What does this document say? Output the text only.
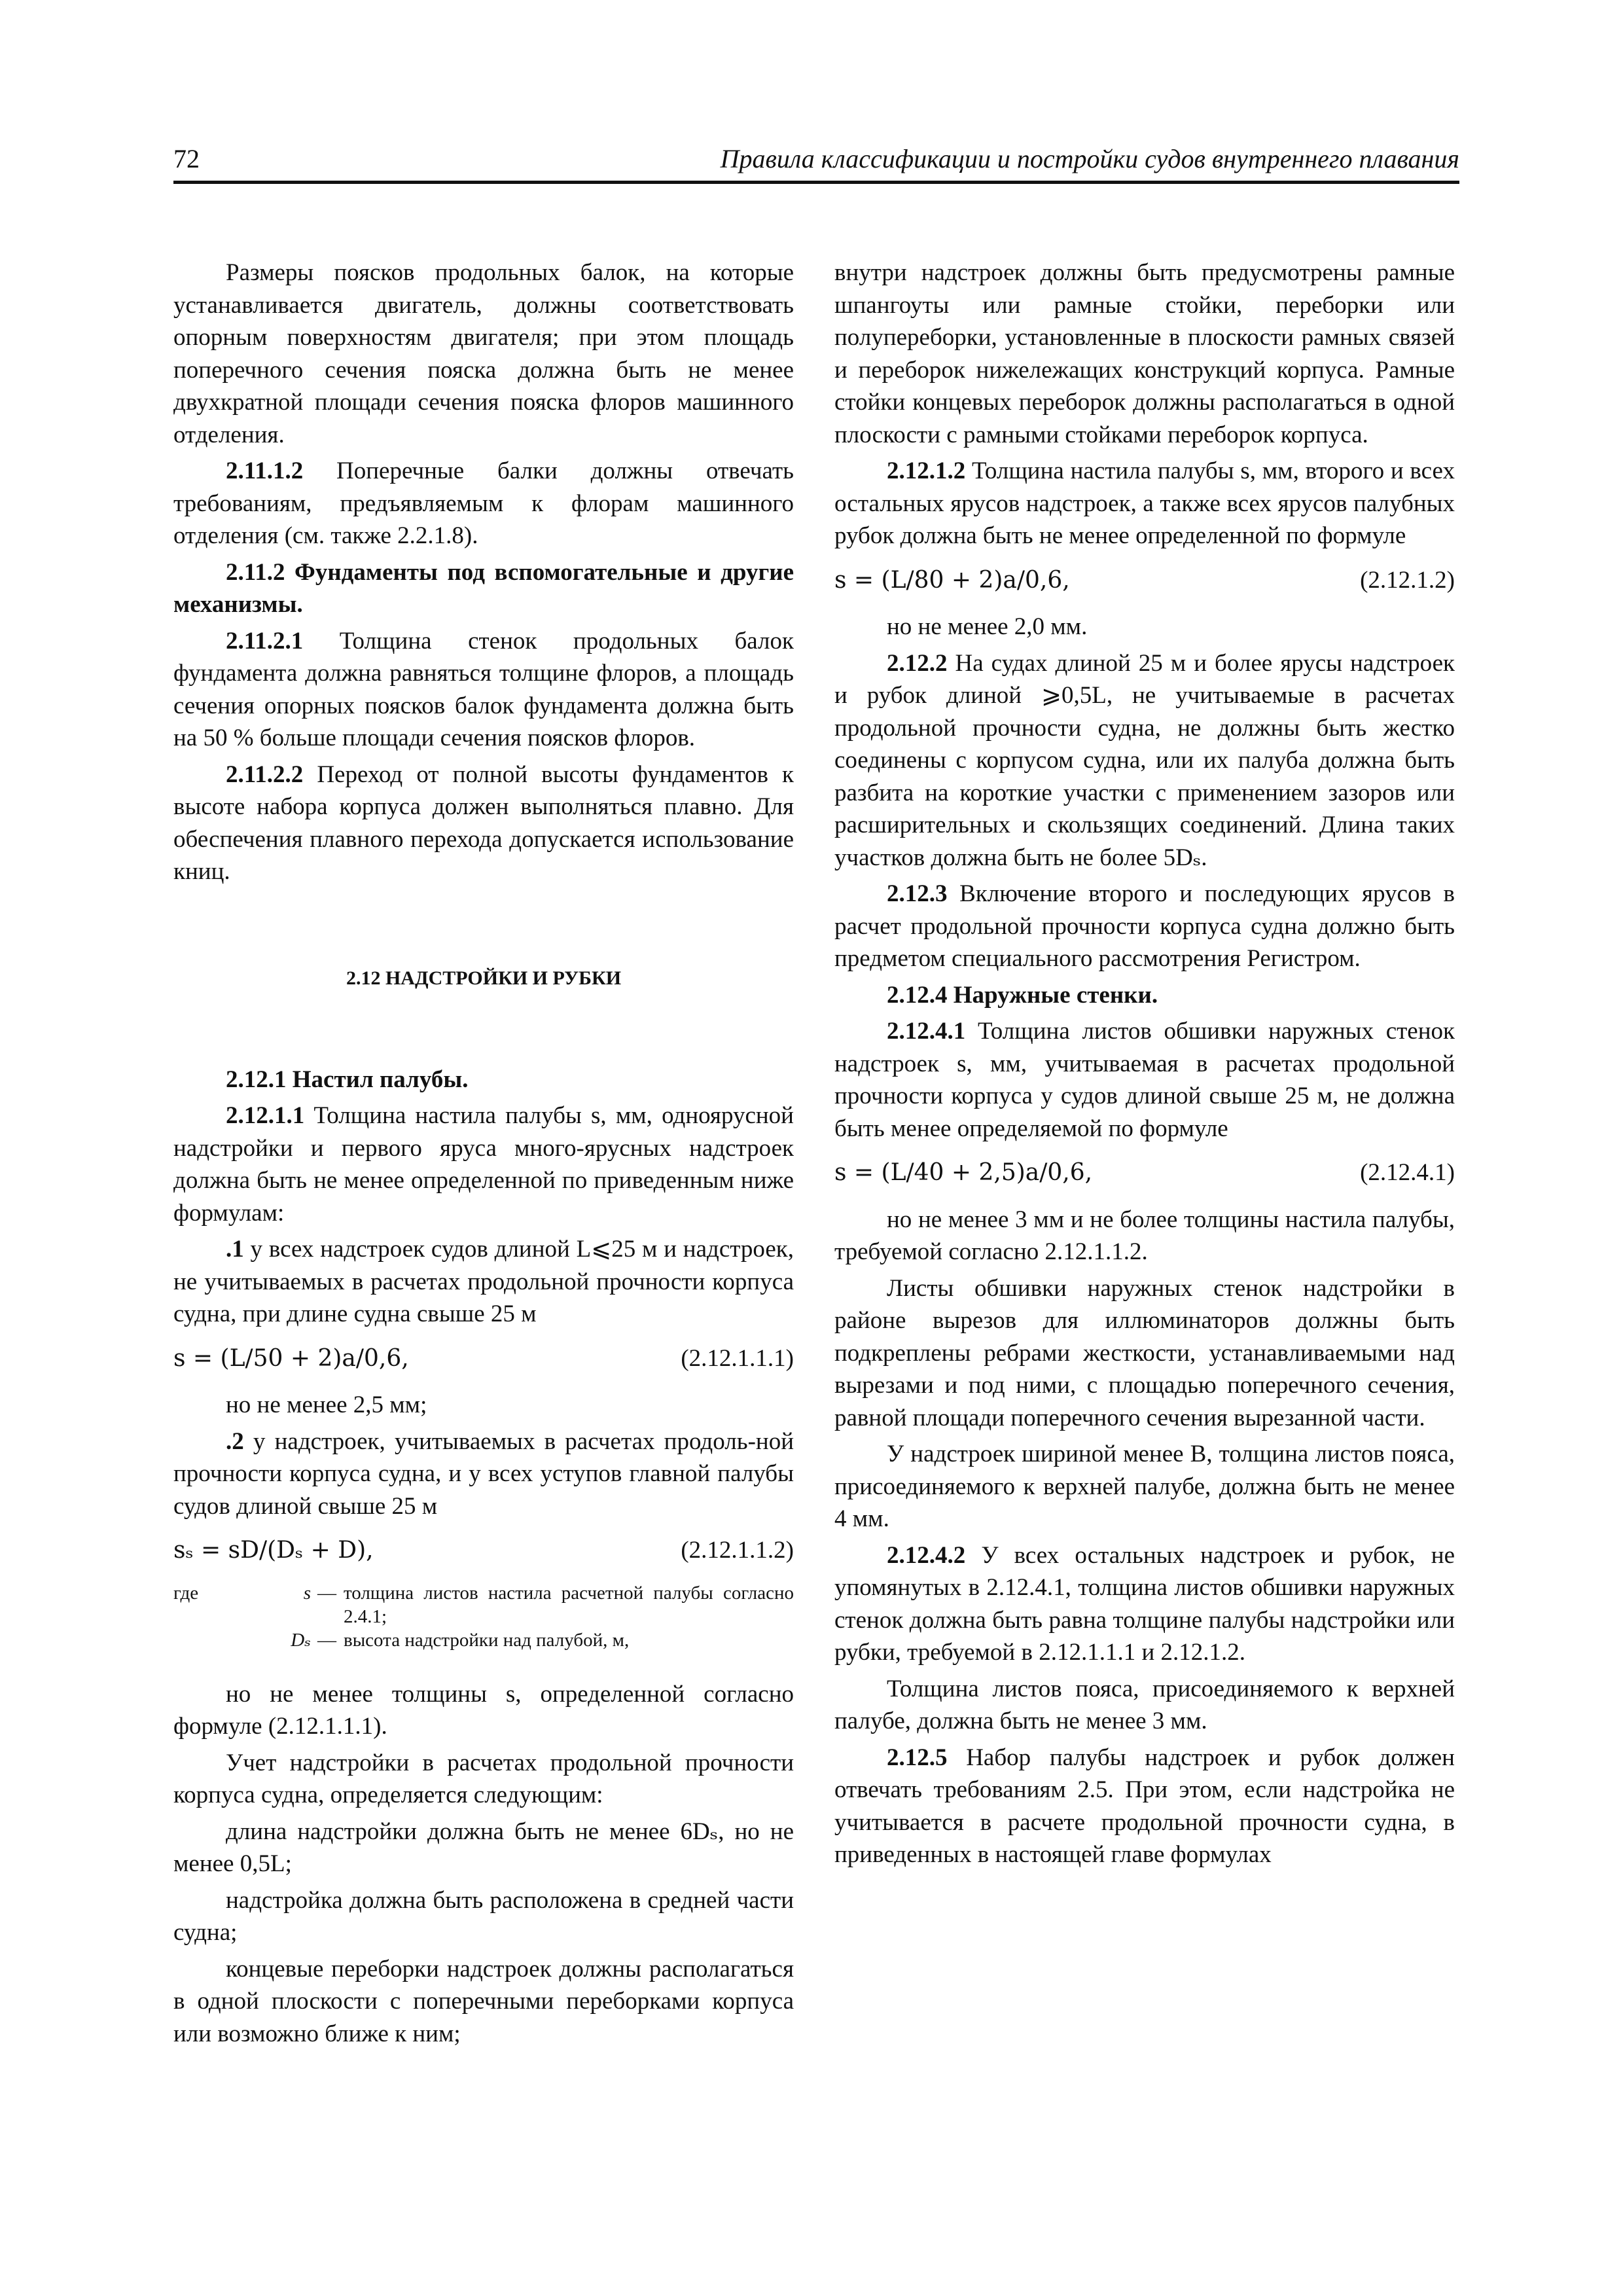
72	Правила классификации и постройки судов внутреннего плавания

Размеры поясков продольных балок, на которые устанавливается двигатель, должны соответствовать опорным поверхностям двигателя; при этом площадь поперечного сечения пояска должна быть не менее двухкратной площади сечения пояска флоров машинного отделения.

2.11.1.2 Поперечные балки должны отвечать требованиям, предъявляемым к флорам машинного отделения (см. также 2.2.1.8).

2.11.2 Фундаменты под вспомогательные и другие механизмы.

2.11.2.1 Толщина стенок продольных балок фундамента должна равняться толщине флоров, а площадь сечения опорных поясков балок фундамента должна быть на 50 % больше площади сечения поясков флоров.

2.11.2.2 Переход от полной высоты фундаментов к высоте набора корпуса должен выполняться плавно. Для обеспечения плавного перехода допускается использование книц.

2.12 НАДСТРОЙКИ И РУБКИ

2.12.1 Настил палубы.

2.12.1.1 Толщина настила палубы s, мм, одноярусной надстройки и первого яруса много-ярусных надстроек должна быть не менее определенной по приведенным ниже формулам:

.1 у всех надстроек судов длиной L⩽25 м и надстроек, не учитываемых в расчетах продольной прочности корпуса судна, при длине судна свыше 25 м

s = (L/50 + 2)a/0,6,	(2.12.1.1.1)

но не менее 2,5 мм;

.2 у надстроек, учитываемых в расчетах продоль-ной прочности корпуса судна, и у всех уступов главной палубы судов длиной свыше 25 м

sₛ = sD/(Dₛ + D),	(2.12.1.1.2)
где	s — толщина листов настила расчетной палубы согласно 2.4.1;
Dₛ — высота надстройки над палубой, м,

но не менее толщины s, определенной согласно формуле (2.12.1.1.1).

Учет надстройки в расчетах продольной прочности корпуса судна, определяется следующим:

длина надстройки должна быть не менее 6Dₛ, но не менее 0,5L;

надстройка должна быть расположена в средней части судна;

концевые переборки надстроек должны располагаться в одной плоскости с поперечными переборками корпуса или возможно ближе к ним;

внутри надстроек должны быть предусмотрены рамные шпангоуты или рамные стойки, переборки или полупереборки, установленные в плоскости рамных связей и переборок нижележащих конструкций корпуса. Рамные стойки концевых переборок должны располагаться в одной плоскости с рамными стойками переборок корпуса.

2.12.1.2 Толщина настила палубы s, мм, второго и всех остальных ярусов надстроек, а также всех ярусов палубных рубок должна быть не менее определенной по формуле

s = (L/80 + 2)a/0,6,	(2.12.1.2)

но не менее 2,0 мм.

2.12.2 На судах длиной 25 м и более ярусы надстроек и рубок длиной ⩾0,5L, не учитываемые в расчетах продольной прочности судна, не должны быть жестко соединены с корпусом судна, или их палуба должна быть разбита на короткие участки с применением зазоров или расширительных и скользящих соединений. Длина таких участков должна быть не более 5Dₛ.

2.12.3 Включение второго и последующих ярусов в расчет продольной прочности корпуса судна должно быть предметом специального рассмотрения Регистром.

2.12.4 Наружные стенки.

2.12.4.1 Толщина листов обшивки наружных стенок надстроек s, мм, учитываемая в расчетах продольной прочности корпуса у судов длиной свыше 25 м, не должна быть менее определяемой по формуле

s = (L/40 + 2,5)a/0,6,	(2.12.4.1)

но не менее 3 мм и не более толщины настила палубы, требуемой согласно 2.12.1.1.2.

Листы обшивки наружных стенок надстройки в районе вырезов для иллюминаторов должны быть подкреплены ребрами жесткости, устанавливаемыми над вырезами и под ними, с площадью поперечного сечения, равной площади поперечного сечения вырезанной части.

У надстроек шириной менее B, толщина листов пояса, присоединяемого к верхней палубе, должна быть не менее 4 мм.

2.12.4.2 У всех остальных надстроек и рубок, не упомянутых в 2.12.4.1, толщина листов обшивки наружных стенок должна быть равна толщине палубы надстройки или рубки, требуемой в 2.12.1.1.1 и 2.12.1.2.

Толщина листов пояса, присоединяемого к верхней палубе, должна быть не менее 3 мм.

2.12.5 Набор палубы надстроек и рубок должен отвечать требованиям 2.5. При этом, если надстройка не учитывается в расчете продольной прочности судна, в приведенных в настоящей главе формулах
